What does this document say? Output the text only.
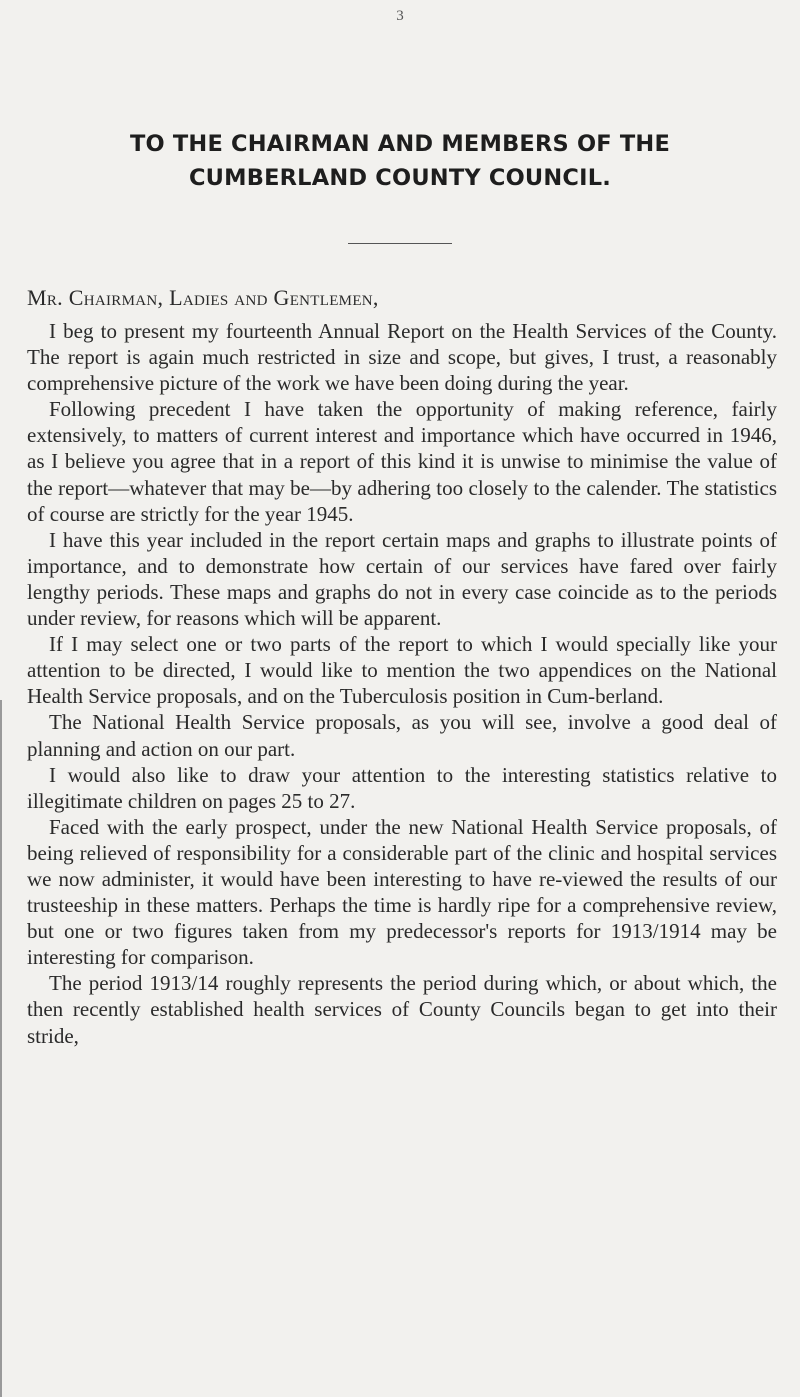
3
TO THE CHAIRMAN AND MEMBERS OF THE
CUMBERLAND COUNTY COUNCIL.
Mr. Chairman, Ladies and Gentlemen,

I beg to present my fourteenth Annual Report on the Health Services of the County. The report is again much restricted in size and scope, but gives, I trust, a reasonably comprehensive picture of the work we have been doing during the year.

Following precedent I have taken the opportunity of making reference, fairly extensively, to matters of current interest and importance which have occurred in 1946, as I believe you agree that in a report of this kind it is unwise to minimise the value of the report—whatever that may be—by adhering too closely to the calender. The statistics of course are strictly for the year 1945.

I have this year included in the report certain maps and graphs to illustrate points of importance, and to demonstrate how certain of our services have fared over fairly lengthy periods. These maps and graphs do not in every case coincide as to the periods under review, for reasons which will be apparent.

If I may select one or two parts of the report to which I would specially like your attention to be directed, I would like to mention the two appendices on the National Health Service proposals, and on the Tuberculosis position in Cum-berland.

The National Health Service proposals, as you will see, involve a good deal of planning and action on our part.

I would also like to draw your attention to the interesting statistics relative to illegitimate children on pages 25 to 27.

Faced with the early prospect, under the new National Health Service proposals, of being relieved of responsibility for a considerable part of the clinic and hospital services we now administer, it would have been interesting to have re-viewed the results of our trusteeship in these matters. Perhaps the time is hardly ripe for a comprehensive review, but one or two figures taken from my predecessor's reports for 1913/1914 may be interesting for comparison.

The period 1913/14 roughly represents the period during which, or about which, the then recently established health services of County Councils began to get into their stride,
